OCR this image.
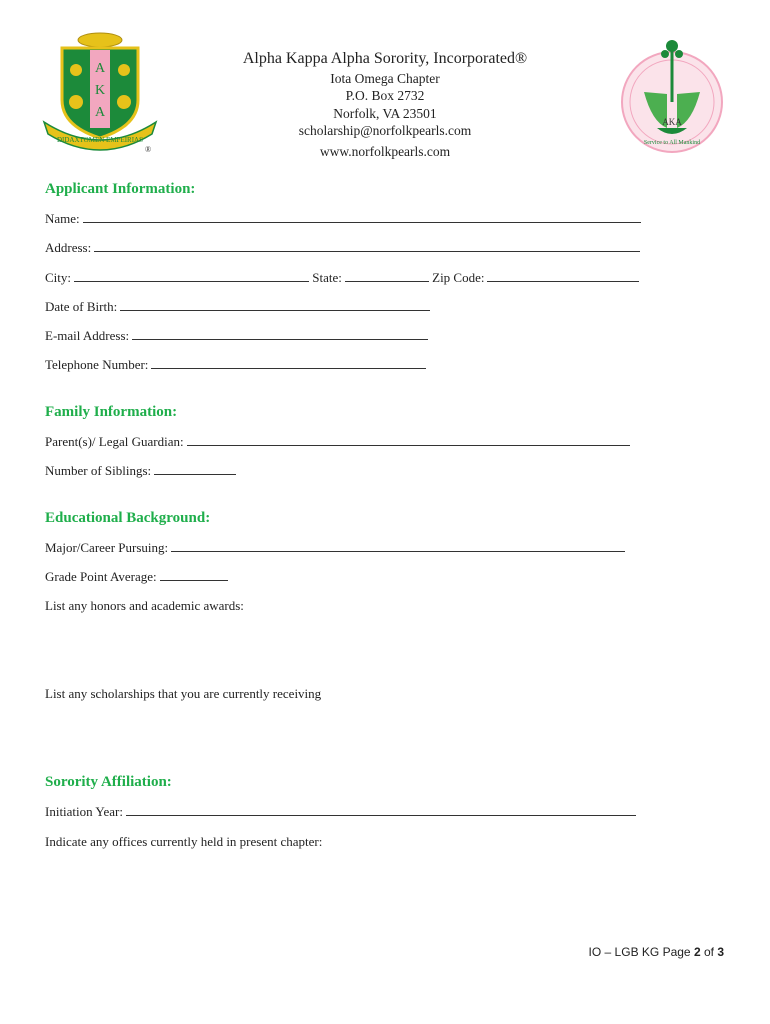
A
K
A
DIDAXTOMEN EMPEIRIAS
®
AKA
Service to All Mankind
Alpha Kappa Alpha Sorority, Incorporated®
Iota Omega Chapter
P.O. Box 2732
Norfolk, VA 23501
scholarship@norfolkpearls.com
www.norfolkpearls.com
Applicant Information:
Name:
Address:
City:	State:	Zip Code:
Date of Birth:
E-mail Address:
Telephone Number:
Family Information:
Parent(s)/ Legal Guardian:
Number of Siblings:
Educational Background:
Major/Career Pursuing:
Grade Point Average:
List any honors and academic awards:
List any scholarships that you are currently receiving
Sorority Affiliation:
Initiation Year:
Indicate any offices currently held in present chapter:
IO – LGB KG Page 2 of 3
